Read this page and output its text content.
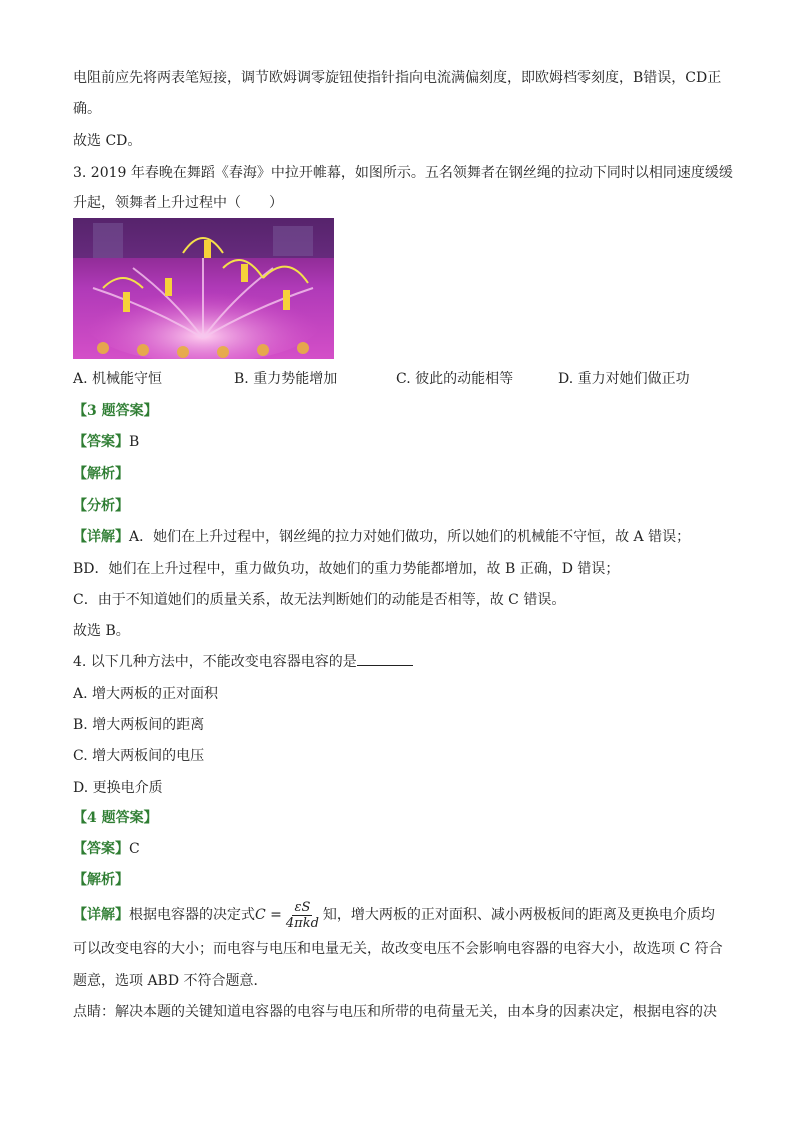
电阻前应先将两表笔短接，调节欧姆调零旋钮使指针指向电流满偏刻度，即欧姆档零刻度，B错误，CD正
确。
故选 CD。
3. 2019 年春晚在舞蹈《春海》中拉开帷幕，如图所示。五名领舞者在钢丝绳的拉动下同时以相同速度缓缓
升起，领舞者上升过程中（　　）
A. 机械能守恒	B. 重力势能增加	C. 彼此的动能相等	D. 重力对她们做正功
【3 题答案】
【答案】B
【解析】
【分析】
【详解】A．她们在上升过程中，钢丝绳的拉力对她们做功，所以她们的机械能不守恒，故 A 错误；
BD．她们在上升过程中，重力做负功，故她们的重力势能都增加，故 B 正确，D 错误；
C．由于不知道她们的质量关系，故无法判断她们的动能是否相等，故 C 错误。
故选 B。
4. 以下几种方法中，不能改变电容器电容的是
A. 增大两板的正对面积
B. 增大两板间的距离
C. 增大两板间的电压
D. 更换电介质
【4 题答案】
【答案】C
【解析】
【详解】根据电容器的决定式$C = \frac{\varepsilon S}{\text{4πkd}}$ 知，增大两板的正对面积、减小两极板间的距离及更换电介质均
可以改变电容的大小；而电容与电压和电量无关，故改变电压不会影响电容器的电容大小，故选项 C 符合
题意，选项 ABD 不符合题意．
点睛：解决本题的关键知道电容器的电容与电压和所带的电荷量无关，由本身的因素决定，根据电容的决
